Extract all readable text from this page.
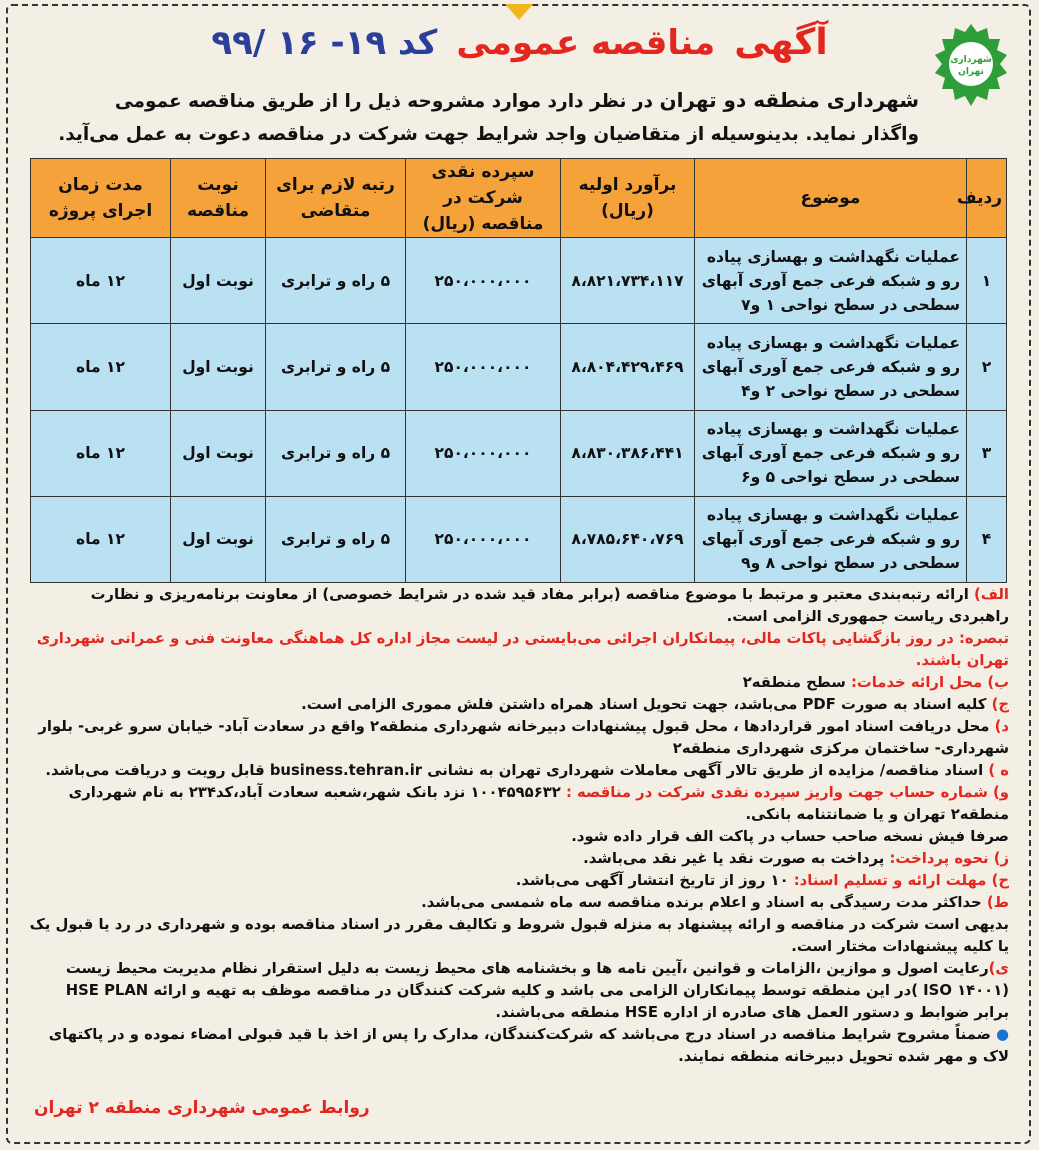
شهرداری
تهران
آگهی مناقصه عمومی کد ۱۹- ۱۶ /۹۹
شهرداری منطقه دو تهران در نظر دارد موارد مشروحه ذیل را از طریق مناقصه عمومی
واگذار نماید. بدینوسیله از متقاضیان واجد شرایط جهت شرکت در مناقصه دعوت به عمل می‌آید.
ردیف	موضوع	برآورد اولیه (ریال)	سپرده نقدی شرکت در مناقصه (ریال)	رتبه لازم برای متقاضی	نوبت مناقصه	مدت زمان اجرای پروژه
۱	عملیات نگهداشت و بهسازی پیاده رو و شبکه فرعی جمع آوری آبهای سطحی در سطح نواحی ۱ و۷	۸،۸۲۱،۷۳۴،۱۱۷	۲۵۰،۰۰۰،۰۰۰	۵ راه و ترابری	نوبت اول	۱۲ ماه
۲	عملیات نگهداشت و بهسازی پیاده رو و شبکه فرعی جمع آوری آبهای سطحی در سطح نواحی ۲ و۴	۸،۸۰۴،۴۲۹،۴۶۹	۲۵۰،۰۰۰،۰۰۰	۵ راه و ترابری	نوبت اول	۱۲ ماه
۳	عملیات نگهداشت و بهسازی پیاده رو و شبکه فرعی جمع آوری آبهای سطحی در سطح نواحی ۵ و۶	۸،۸۳۰،۳۸۶،۴۴۱	۲۵۰،۰۰۰،۰۰۰	۵ راه و ترابری	نوبت اول	۱۲ ماه
۴	عملیات نگهداشت و بهسازی پیاده رو و شبکه فرعی جمع آوری آبهای سطحی در سطح نواحی ۸ و۹	۸،۷۸۵،۶۴۰،۷۶۹	۲۵۰،۰۰۰،۰۰۰	۵ راه و ترابری	نوبت اول	۱۲ ماه

الف) ارائه رتبه‌بندی معتبر و مرتبط با موضوع مناقصه (برابر مفاد قید شده در شرایط خصوصی) از معاونت برنامه‌ریزی و نظارت راهبردی ریاست جمهوری الزامی است.

تبصره: در روز بازگشایی پاکات مالی، پیمانکاران اجرائی می‌بایستی در لیست مجاز اداره کل هماهنگی معاونت فنی و عمرانی شهرداری تهران باشند.

ب) محل ارائه خدمات: سطح منطقه۲

ج) کلیه اسناد به صورت PDF می‌باشد، جهت تحویل اسناد همراه داشتن فلش مموری الزامی است.

د) محل دریافت اسناد امور قراردادها ، محل قبول پیشنهادات دبیرخانه شهرداری منطقه۲ واقع در سعادت آباد- خیابان سرو غربی- بلوار شهرداری- ساختمان مرکزی شهرداری منطقه۲

ه ) اسناد مناقصه/ مزایده از طریق تالار آگهی معاملات شهرداری تهران به نشانی business.tehran.ir قابل رویت و دریافت می‌باشد.

و) شماره حساب جهت واریز سپرده نقدی شرکت در مناقصه : ۱۰۰۴۵۹۵۶۳۲ نزد بانک شهر،شعبه سعادت آباد،کد۲۳۴ به نام شهرداری منطقه۲ تهران و یا ضمانتنامه بانکی.

صرفا فیش نسخه صاحب حساب در پاکت الف قرار داده شود.

ز) نحوه پرداخت: پرداخت به صورت نقد یا غیر نقد می‌باشد.

ح) مهلت ارائه و تسلیم اسناد: ۱۰ روز از تاریخ انتشار آگهی می‌باشد.

ط) حداکثر مدت رسیدگی به اسناد و اعلام برنده مناقصه سه ماه شمسی می‌باشد.

بدیهی است شرکت در مناقصه و ارائه پیشنهاد به منزله قبول شروط و تکالیف مقرر در اسناد مناقصه بوده و شهرداری در رد یا قبول یک یا کلیه پیشنهادات مختار است.

ی)رعایت اصول و موازین ،الزامات و قوانین ،آیین نامه ها و بخشنامه های محیط زیست به دلیل استقرار نظام مدیریت محیط زیست (ISO ۱۴۰۰۱ )در این منطقه توسط پیمانکاران الزامی می باشد و کلیه شرکت کنندگان در مناقصه موظف به تهیه و ارائه HSE PLAN برابر ضوابط و دستور العمل های صادره از اداره HSE منطقه می‌باشند.

● ضمناً مشروح شرایط مناقصه در اسناد درج می‌باشد که شرکت‌کنندگان، مدارک را پس از اخذ با قید قبولی امضاء نموده و در پاکتهای لاک و مهر شده تحویل دبیرخانه منطقه نمایند.

روابط عمومی شهرداری منطقه ۲ تهران
